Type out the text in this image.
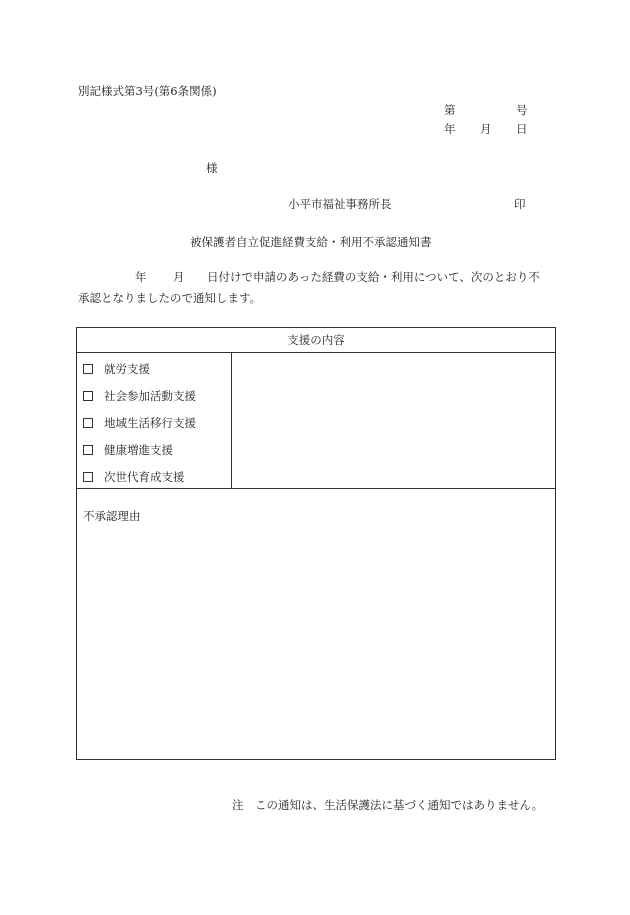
別記様式第3号(第6条関係)
第	号
年 月 日
様
小平市福祉事務所長	印
被保護者自立促進経費支給・利用不承認通知書
年 月 日付けで申請のあった経費の支給・利用について、次のとおり不
承認となりましたので通知します。
支援の内容
就労支援
社会参加活動支援
地域生活移行支援
健康増進支援
次世代育成支援
不承認理由
注　この通知は、生活保護法に基づく通知ではありません。
